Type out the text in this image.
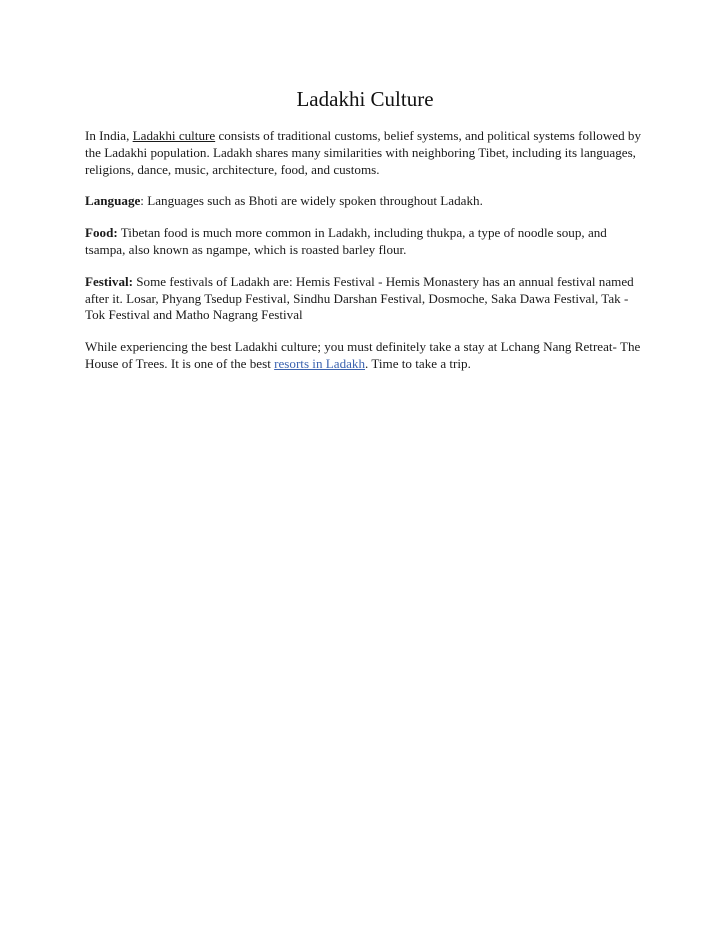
Ladakhi Culture

In India, Ladakhi culture consists of traditional customs, belief systems, and political systems followed by the Ladakhi population. Ladakh shares many similarities with neighboring Tibet, including its languages, religions, dance, music, architecture, food, and customs.

Language: Languages such as Bhoti are widely spoken throughout Ladakh.

Food: Tibetan food is much more common in Ladakh, including thukpa, a type of noodle soup, and tsampa, also known as ngampe, which is roasted barley flour.

Festival: Some festivals of Ladakh are: Hemis Festival - Hemis Monastery has an annual festival named after it. Losar, Phyang Tsedup Festival, Sindhu Darshan Festival, Dosmoche, Saka Dawa Festival, Tak - Tok Festival and Matho Nagrang Festival

While experiencing the best Ladakhi culture; you must definitely take a stay at Lchang Nang Retreat- The House of Trees. It is one of the best resorts in Ladakh. Time to take a trip.
